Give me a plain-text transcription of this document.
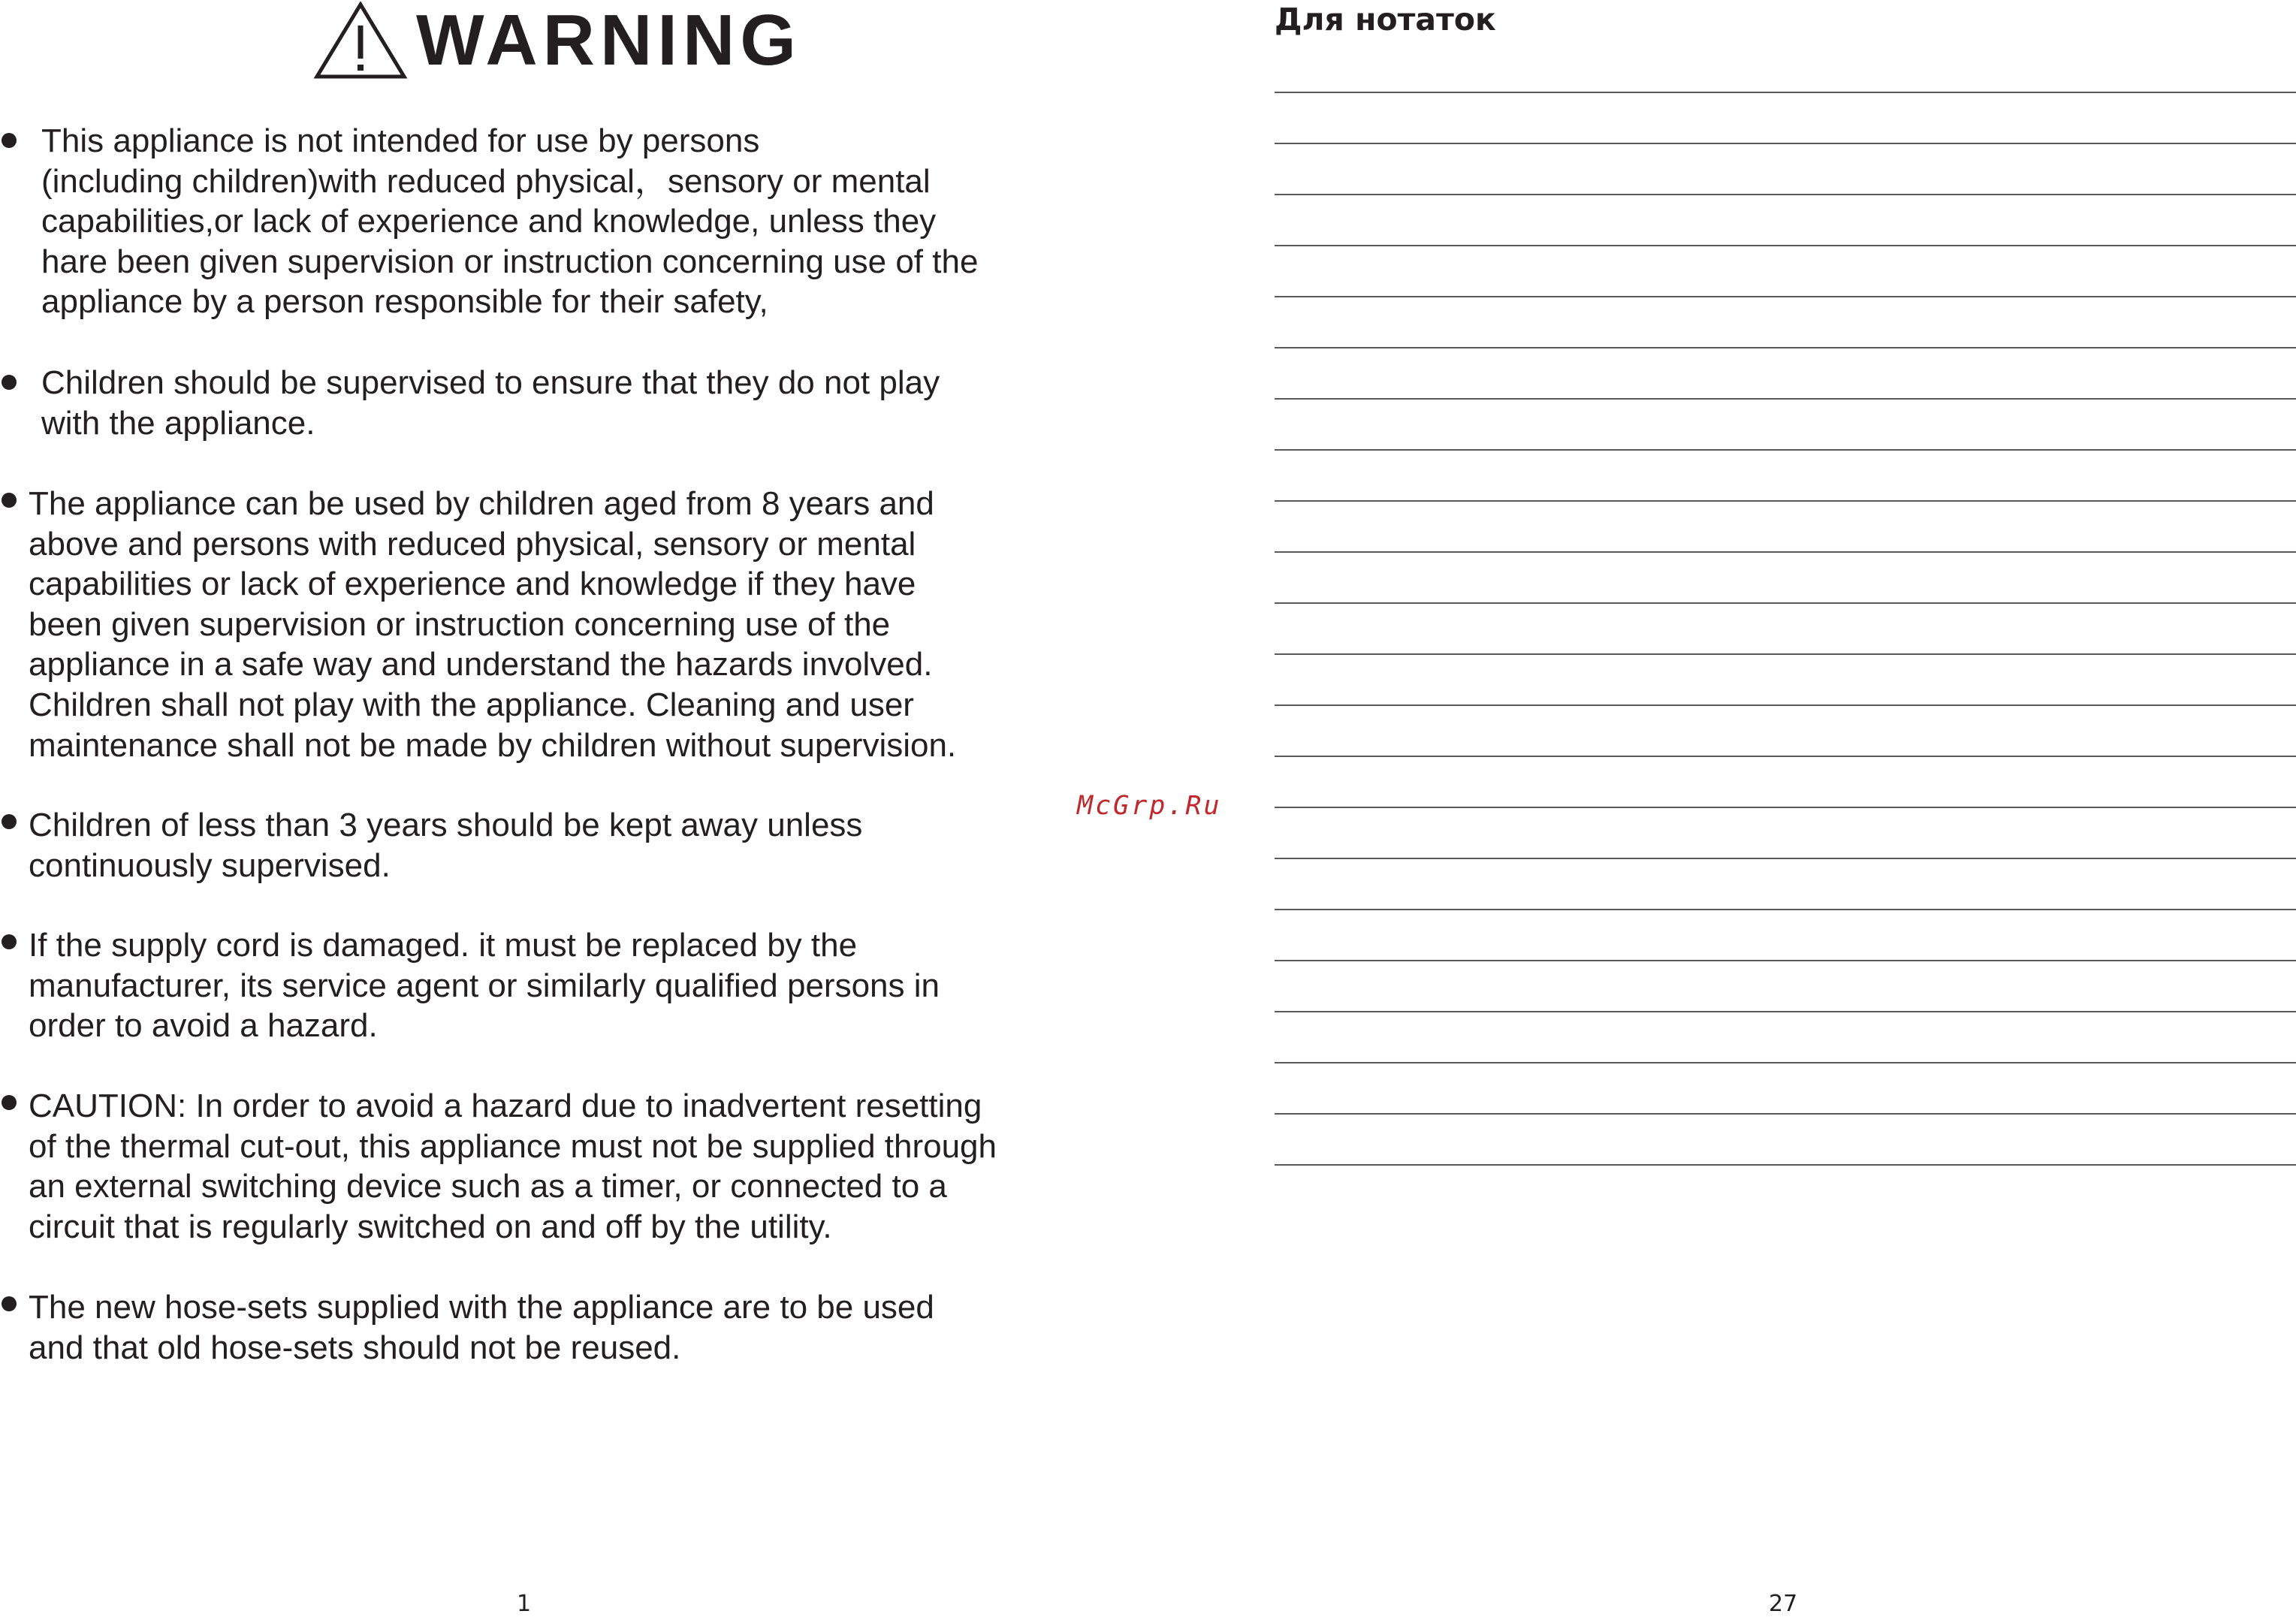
WARNING
This appliance is not intended for use by persons
(including children)with reduced physical，sensory or mental
capabilities,or lack of experience and knowledge, unless they
hare been given supervision or instruction concerning use of the
appliance by a person responsible for their safety,
Children should be supervised to ensure that they do not play
with the appliance.
The appliance can be used by children aged from 8 years and
above and persons with reduced physical, sensory or mental
capabilities or lack of experience and knowledge if they have
been given supervision or instruction concerning use of the
appliance in a safe way and understand the hazards involved.
Children shall not play with the appliance. Cleaning and user
maintenance shall not be made by children without supervision.
Children of less than 3 years should be kept away unless
continuously supervised.
If the supply cord is damaged. it must be replaced by the
manufacturer, its service agent or similarly qualified persons in
order to avoid a hazard.
CAUTION: In order to avoid a hazard due to inadvertent resetting
of the thermal cut-out, this appliance must not be supplied through
an external switching device such as a timer, or connected to a
circuit that is regularly switched on and off by the utility.
The new hose-sets supplied with the appliance are to be used
and that old hose-sets should not be reused.
1
McGrp.Ru
Для нотаток
27
